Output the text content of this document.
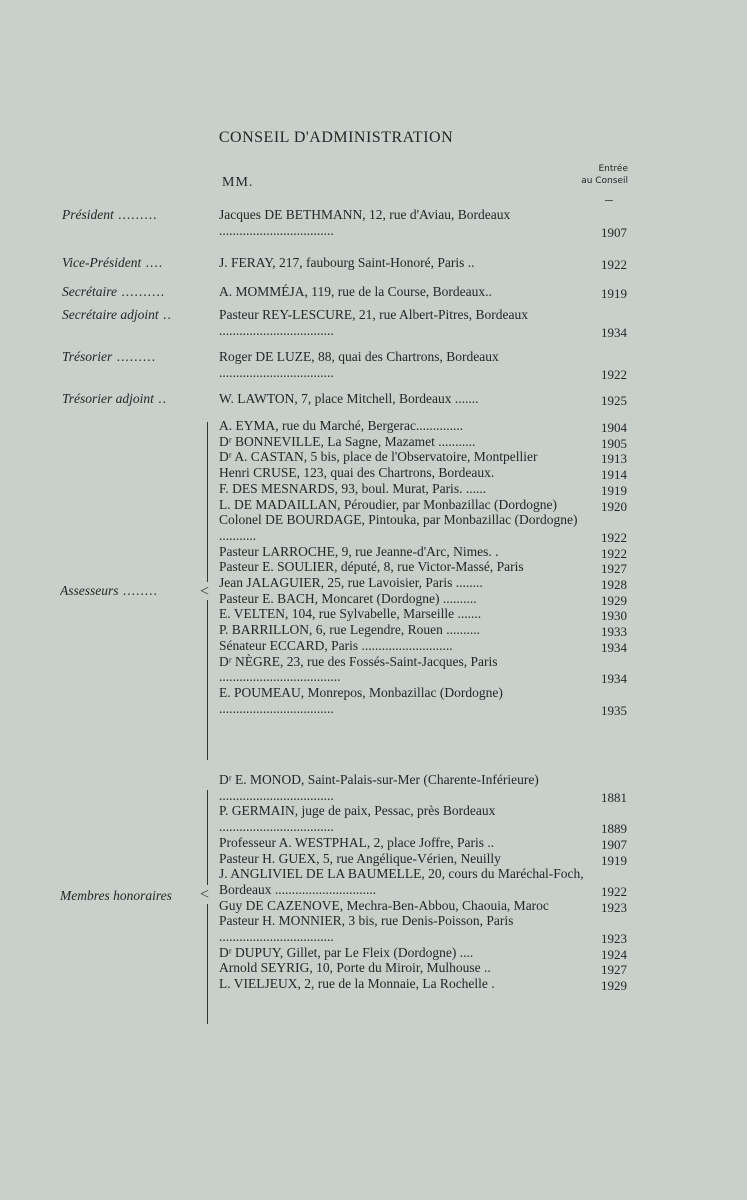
CONSEIL D'ADMINISTRATION
MM.
Entrée
au Conseil
Président .........	Jacques DE BETHMANN, 12, rue d'Aviau, Bordeaux ..................................	1907
Vice-Président ....	J. FERAY, 217, faubourg Saint-Honoré, Paris ..	1922
Secrétaire ..........	A. MOMMÉJA, 119, rue de la Course, Bordeaux..	1919
Secrétaire adjoint ..	Pasteur REY-LESCURE, 21, rue Albert-Pitres, Bordeaux ..................................	1934
Trésorier .........	Roger DE LUZE, 88, quai des Chartrons, Bordeaux ..................................	1922
Trésorier adjoint ..	W. LAWTON, 7, place Mitchell, Bordeaux .......	1925
Assesseurs ........	<
A. EYMA, rue du Marché, Bergerac..............	1904
Dʳ BONNEVILLE, La Sagne, Mazamet ...........	1905
Dʳ A. CASTAN, 5 bis, place de l'Observatoire, Montpellier	1913
Henri CRUSE, 123, quai des Chartrons, Bordeaux.	1914
F. DES MESNARDS, 93, boul. Murat, Paris. ......	1919
L. DE MADAILLAN, Péroudier, par Monbazillac (Dordogne)	1920
Colonel DE BOURDAGE, Pintouka, par Monbazillac (Dordogne) ...........	1922
Pasteur LARROCHE, 9, rue Jeanne-d'Arc, Nimes. .	1922
Pasteur E. SOULIER, député, 8, rue Victor-Massé, Paris	1927
Jean JALAGUIER, 25, rue Lavoisier, Paris ........	1928
Pasteur E. BACH, Moncaret (Dordogne) ..........	1929
E. VELTEN, 104, rue Sylvabelle, Marseille .......	1930
P. BARRILLON, 6, rue Legendre, Rouen ..........	1933
Sénateur ECCARD, Paris ...........................	1934
Dʳ NÈGRE, 23, rue des Fossés-Saint-Jacques, Paris ....................................	1934
E. POUMEAU, Monrepos, Monbazillac (Dordogne) ..................................	1935
Membres honoraires	<
Dʳ E. MONOD, Saint-Palais-sur-Mer (Charente-Inférieure) ..................................	1881
P. GERMAIN, juge de paix, Pessac, près Bordeaux ..................................	1889
Professeur A. WESTPHAL, 2, place Joffre, Paris ..	1907
Pasteur H. GUEX, 5, rue Angélique-Vérien, Neuilly	1919
J. ANGLIVIEL DE LA BAUMELLE, 20, cours du Maréchal-Foch, Bordeaux ..............................	1922
Guy DE CAZENOVE, Mechra-Ben-Abbou, Chaouia, Maroc	1923
Pasteur H. MONNIER, 3 bis, rue Denis-Poisson, Paris ..................................	1923
Dʳ DUPUY, Gillet, par Le Fleix (Dordogne) ....	1924
Arnold SEYRIG, 10, Porte du Miroir, Mulhouse ..	1927
L. VIELJEUX, 2, rue de la Monnaie, La Rochelle .	1929
